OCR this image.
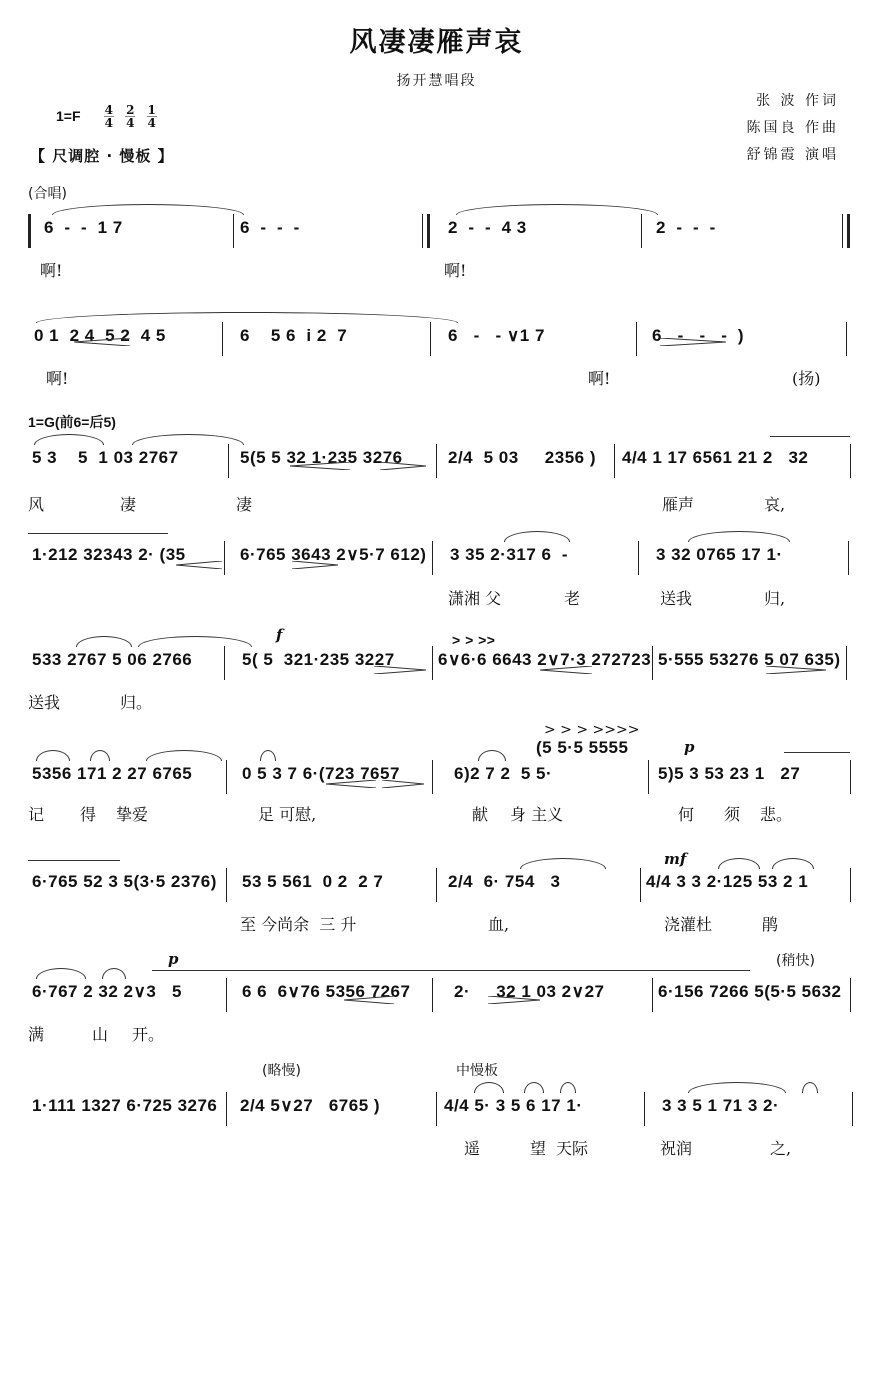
风凄凄雁声哀
扬开慧唱段
张 波 作词
陈国良 作曲
舒锦霞 演唱
$1=F \frac{4}{4}$
$\frac{2}{4}$
$\frac{1}{4}$
【 尺调腔 · 慢板 】
(合唱)

6  -  -  1 7

	6  -  -  -

	2  -  -  4 3

	2  -  -  -

啊!	啊!

0 1  2 4  5 2  4 5

	6    5 6  i 2  7

	6   -   - ∨1 7

	6   -   -   -  )

啊!	啊!	(扬)
1=G(前6=后5)

5 3    5  1 03 2767

	5(5 5 32 1·235 3276

	2/4  5 03     2356 )

4/4 1 17 6561 21 2   32

风	凄	凄	雁声	哀,

1·212 32343 2· (35

	6·765 3643 2∨5·7 612)

3 35 2·317 6  -

	3 32 0765 17 1·

潇湘 父	老	送我	归,
f

533 2767 5 06 2766

	5( 5  321·235 3227

	6∨6·6 6643 2∨7·3 272723

5·555 53276 5 07 635)

> > >>

送我	归。
> > > >>>>
(5 5·5 5555	p

5356 171 2 27 6765

	0 5 3 7 6·(723 7657

	6)2 7 2  5 5·

	5)5 3 53 23 1   27

记 得 挚爱	足 可慰,	献 身 主义	何 须 悲。
mf

6·765 52 3 5(3·5 2376)

53 5 561  0 2  2 7

	2/4  6· 754   3

	4/4 3 3 2·125 53 2 1

至 今尚余  三 升	血,	浇灌杜	鹃
(稍快)
p

6·767 2 32 2∨3   5

	6 6  6∨76 5356 7267

	2·     32 1 03 2∨27

	6·156 7266 5(5·5 5632

满	山 开。
(略慢)	中慢板

1·111 1327 6·725 3276

2/4 5∨27   6765 )

	4/4 5· 3 5 6 17 1·

	3 3 5 1 71 3 2·

遥	望 天际	祝润	之,
